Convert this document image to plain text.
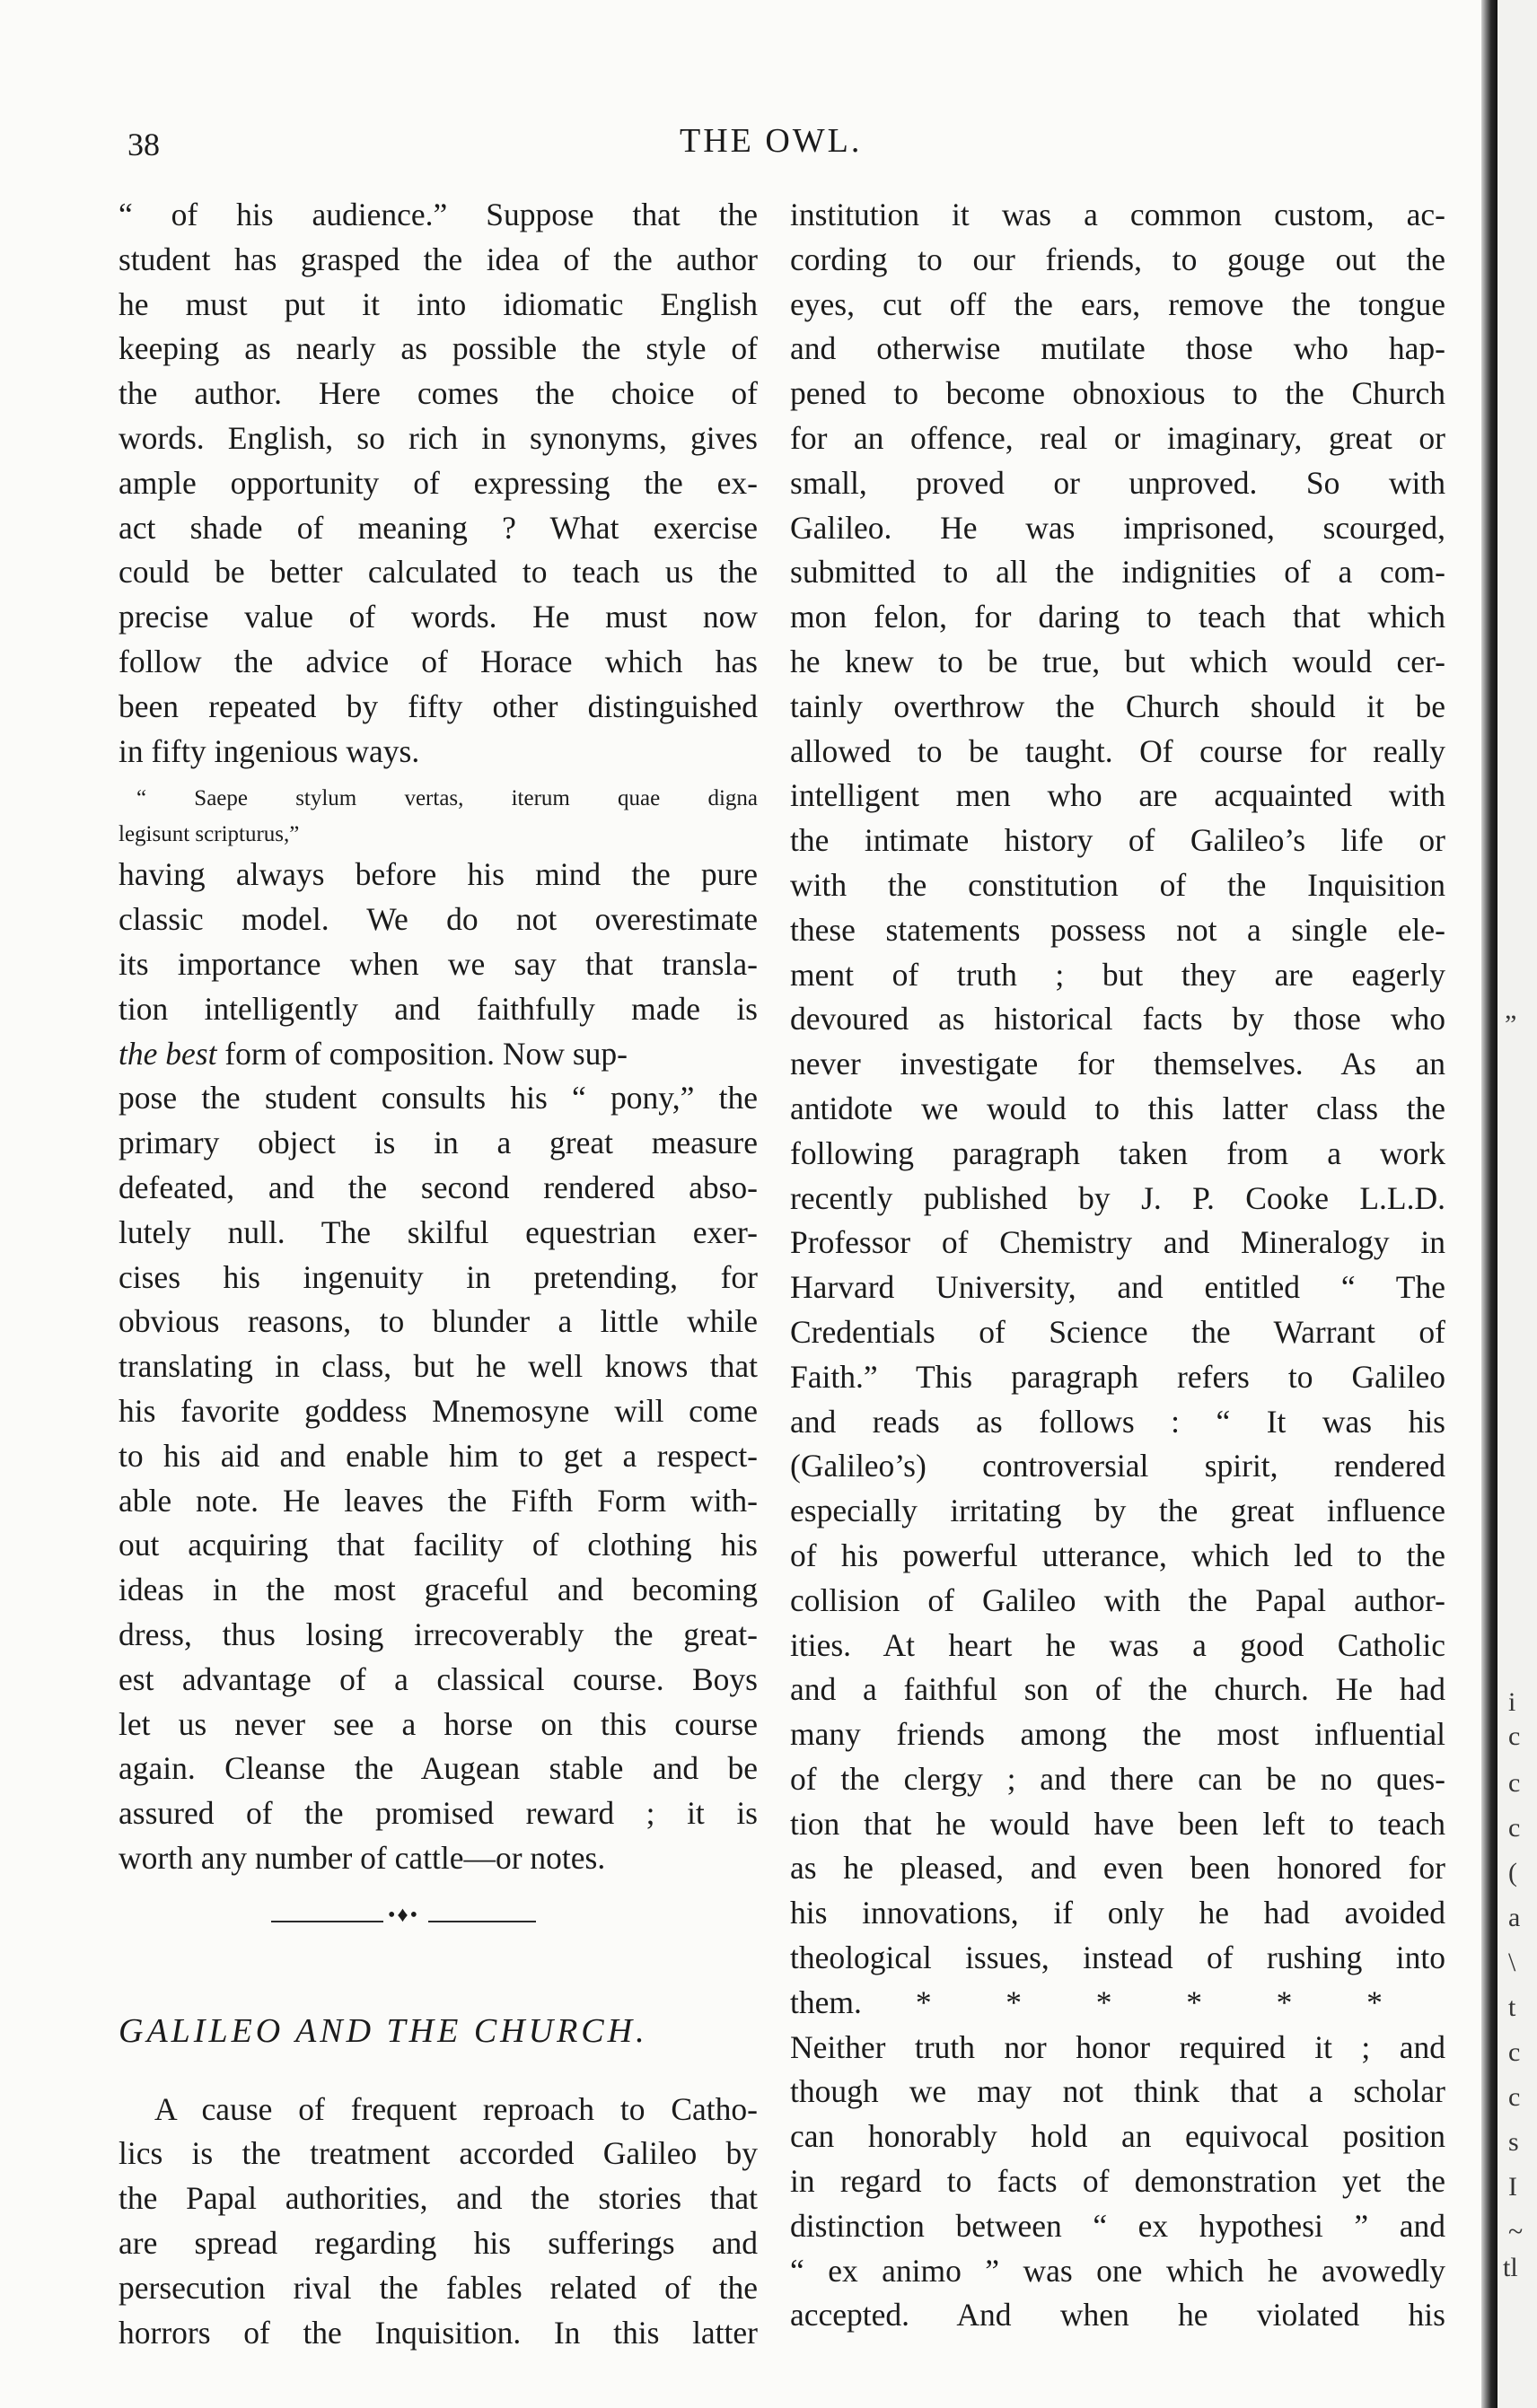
38	THE OWL.
“ of his audience.” Suppose that the
student has grasped the idea of the author
he must put it into idiomatic English
keeping as nearly as possible the style of
the author. Here comes the choice of
words. English, so rich in synonyms, gives
ample opportunity of expressing the ex-
act shade of meaning ? What exercise
could be better calculated to teach us the
precise value of words. He must now
follow the advice of Horace which has
been repeated by fifty other distinguished
in fifty ingenious ways.
“ Saepe stylum vertas, iterum quae digna
legisunt scripturus,”
having always before his mind the pure
classic model. We do not overestimate
its importance when we say that transla-
tion intelligently and faithfully made is
the best form of composition. Now sup-
pose the student consults his “ pony,” the
primary object is in a great measure
defeated, and the second rendered abso-
lutely null. The skilful equestrian exer-
cises his ingenuity in pretending, for
obvious reasons, to blunder a little while
translating in class, but he well knows that
his favorite goddess Mnemosyne will come
to his aid and enable him to get a respect-
able note. He leaves the Fifth Form with-
out acquiring that facility of clothing his
ideas in the most graceful and becoming
dress, thus losing irrecoverably the great-
est advantage of a classical course. Boys
let us never see a horse on this course
again. Cleanse the Augean stable and be
assured of the promised reward ; it is
worth any number of cattle—or notes.
•♦•
GALILEO AND THE CHURCH.
A cause of frequent reproach to Catho-
lics is the treatment accorded Galileo by
the Papal authorities, and the stories that
are spread regarding his sufferings and
persecution rival the fables related of the
horrors of the Inquisition. In this latter
institution it was a common custom, ac-
cording to our friends, to gouge out the
eyes, cut off the ears, remove the tongue
and otherwise mutilate those who hap-
pened to become obnoxious to the Church
for an offence, real or imaginary, great or
small, proved or unproved. So with
Galileo. He was imprisoned, scourged,
submitted to all the indignities of a com-
mon felon, for daring to teach that which
he knew to be true, but which would cer-
tainly overthrow the Church should it be
allowed to be taught. Of course for really
intelligent men who are acquainted with
the intimate history of Galileo’s life or
with the constitution of the Inquisition
these statements possess not a single ele-
ment of truth ; but they are eagerly
devoured as historical facts by those who
never investigate for themselves. As an
antidote we would to this latter class the
following paragraph taken from a work
recently published by J. P. Cooke L.L.D.
Professor of Chemistry and Mineralogy in
Harvard University, and entitled “ The
Credentials of Science the Warrant of
Faith.” This paragraph refers to Galileo
and reads as follows : “ It was his
(Galileo’s) controversial spirit, rendered
especially irritating by the great influence
of his powerful utterance, which led to the
collision of Galileo with the Papal author-
ities. At heart he was a good Catholic
and a faithful son of the church. He had
many friends among the most influential
of the clergy ; and there can be no ques-
tion that he would have been left to teach
as he pleased, and even been honored for
his innovations, if only he had avoided
theological issues, instead of rushing into
them. * * * * * *
Neither truth nor honor required it ; and
though we may not think that a scholar
can honorably hold an equivocal position
in regard to facts of demonstration yet the
distinction between “ ex hypothesi ” and
“ ex animo ” was one which he avowedly
accepted. And when he violated his
”
i
c
c
c
(
a
\
t
c
c
s
I
~
tl
